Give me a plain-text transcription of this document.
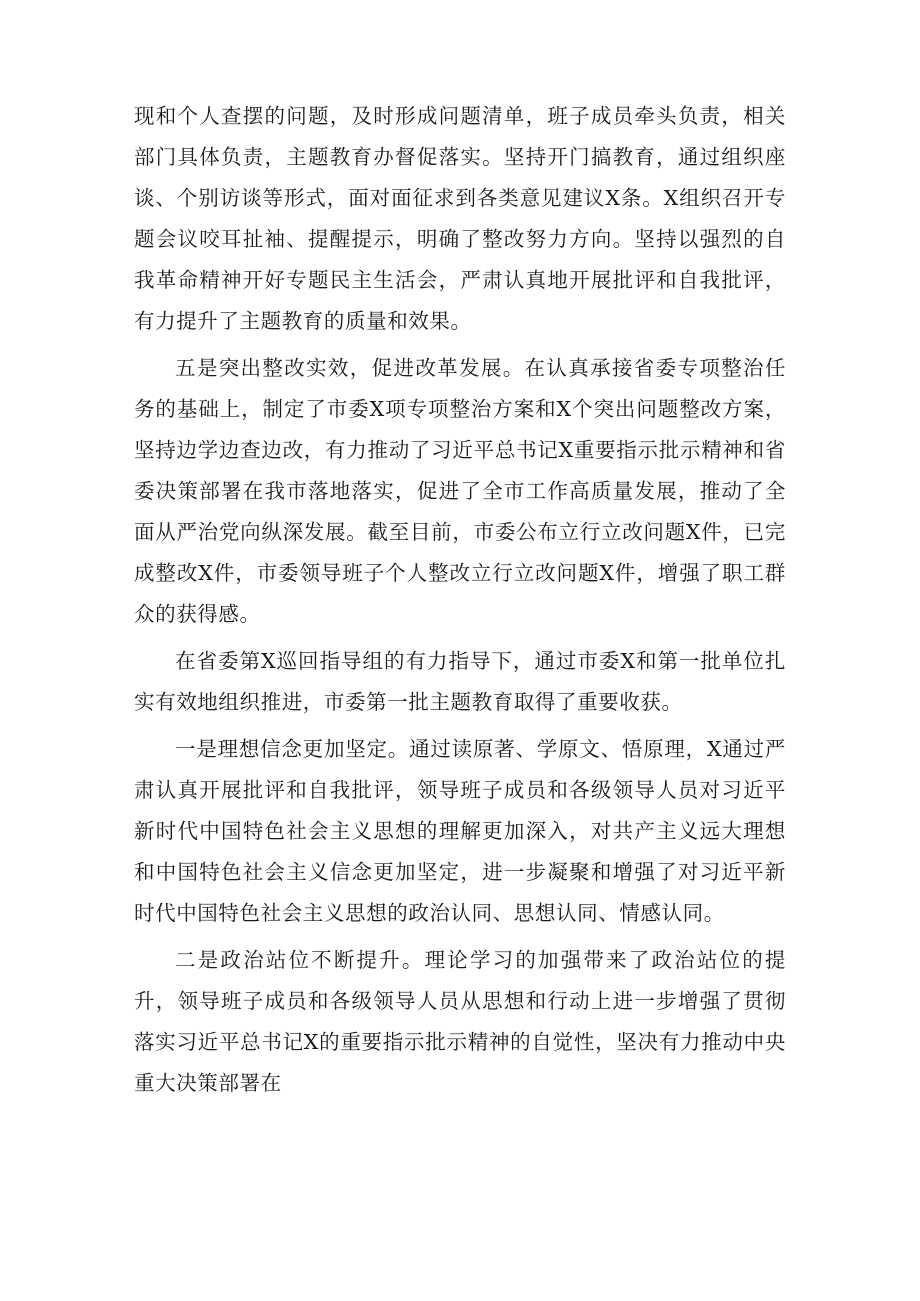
现和个人查摆的问题，及时形成问题清单，班子成员牵头负责，相关部门具体负责，主题教育办督促落实。坚持开门搞教育，通过组织座谈、个别访谈等形式，面对面征求到各类意见建议X条。X组织召开专题会议咬耳扯袖、提醒提示，明确了整改努力方向。坚持以强烈的自我革命精神开好专题民主生活会，严肃认真地开展批评和自我批评，有力提升了主题教育的质量和效果。

五是突出整改实效，促进改革发展。在认真承接省委专项整治任务的基础上，制定了市委X项专项整治方案和X个突出问题整改方案，坚持边学边查边改，有力推动了习近平总书记X重要指示批示精神和省委决策部署在我市落地落实，促进了全市工作高质量发展，推动了全面从严治党向纵深发展。截至目前，市委公布立行立改问题X件，已完成整改X件，市委领导班子个人整改立行立改问题X件，增强了职工群众的获得感。

在省委第X巡回指导组的有力指导下，通过市委X和第一批单位扎实有效地组织推进，市委第一批主题教育取得了重要收获。

一是理想信念更加坚定。通过读原著、学原文、悟原理，X通过严肃认真开展批评和自我批评，领导班子成员和各级领导人员对习近平新时代中国特色社会主义思想的理解更加深入，对共产主义远大理想和中国特色社会主义信念更加坚定，进一步凝聚和增强了对习近平新时代中国特色社会主义思想的政治认同、思想认同、情感认同。

二是政治站位不断提升。理论学习的加强带来了政治站位的提升，领导班子成员和各级领导人员从思想和行动上进一步增强了贯彻落实习近平总书记X的重要指示批示精神的自觉性，坚决有力推动中央重大决策部署在
